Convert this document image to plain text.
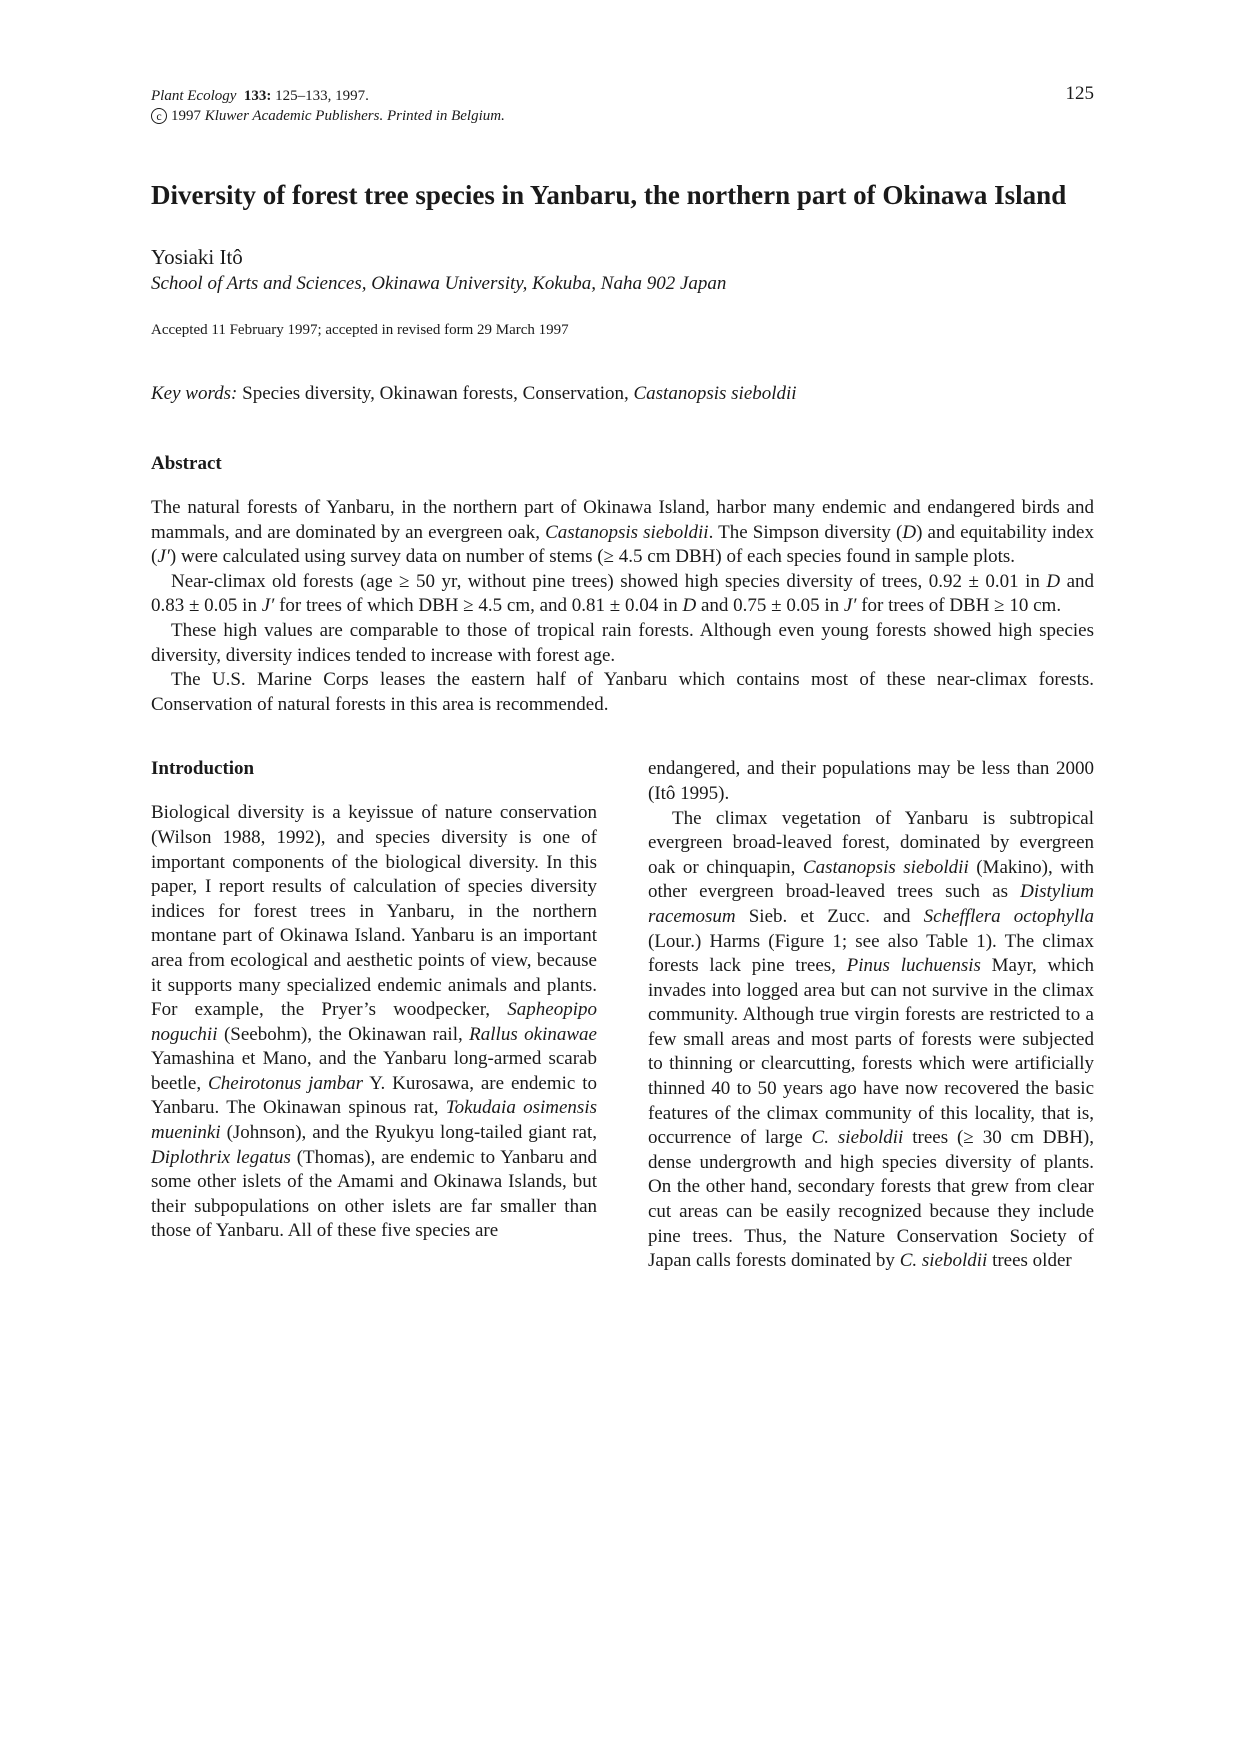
Plant Ecology 133: 125–133, 1997.
c 1997 Kluwer Academic Publishers. Printed in Belgium.
125
Diversity of forest tree species in Yanbaru, the northern part of Okinawa Island
Yosiaki Itô
School of Arts and Sciences, Okinawa University, Kokuba, Naha 902 Japan
Accepted 11 February 1997; accepted in revised form 29 March 1997
Key words: Species diversity, Okinawan forests, Conservation, Castanopsis sieboldii
Abstract

The natural forests of Yanbaru, in the northern part of Okinawa Island, harbor many endemic and endangered birds and mammals, and are dominated by an evergreen oak, Castanopsis sieboldii. The Simpson diversity (D) and equitability index (J′) were calculated using survey data on number of stems (≥ 4.5 cm DBH) of each species found in sample plots.

Near-climax old forests (age ≥ 50 yr, without pine trees) showed high species diversity of trees, 0.92 ± 0.01 in D and 0.83 ± 0.05 in J′ for trees of which DBH ≥ 4.5 cm, and 0.81 ± 0.04 in D and 0.75 ± 0.05 in J′ for trees of DBH ≥ 10 cm.

These high values are comparable to those of tropical rain forests. Although even young forests showed high species diversity, diversity indices tended to increase with forest age.

The U.S. Marine Corps leases the eastern half of Yanbaru which contains most of these near-climax forests. Conservation of natural forests in this area is recommended.

Introduction

Biological diversity is a keyissue of nature conservation (Wilson 1988, 1992), and species diversity is one of important components of the biological diversity. In this paper, I report results of calculation of species diversity indices for forest trees in Yanbaru, in the northern montane part of Okinawa Island. Yanbaru is an important area from ecological and aesthetic points of view, because it supports many specialized endemic animals and plants. For example, the Pryer’s woodpecker, Sapheopipo noguchii (Seebohm), the Okinawan rail, Rallus okinawae Yamashina et Mano, and the Yanbaru long-armed scarab beetle, Cheirotonus jambar Y. Kurosawa, are endemic to Yanbaru. The Okinawan spinous rat, Tokudaia osimensis mueninki (Johnson), and the Ryukyu long-tailed giant rat, Diplothrix legatus (Thomas), are endemic to Yanbaru and some other islets of the Amami and Okinawa Islands, but their subpopulations on other islets are far smaller than those of Yanbaru. All of these five species are

endangered, and their populations may be less than 2000 (Itô 1995).

The climax vegetation of Yanbaru is subtropical evergreen broad-leaved forest, dominated by evergreen oak or chinquapin, Castanopsis sieboldii (Makino), with other evergreen broad-leaved trees such as Distylium racemosum Sieb. et Zucc. and Schefflera octophylla (Lour.) Harms (Figure 1; see also Table 1). The climax forests lack pine trees, Pinus luchuensis Mayr, which invades into logged area but can not survive in the climax community. Although true virgin forests are restricted to a few small areas and most parts of forests were subjected to thinning or clearcutting, forests which were artificially thinned 40 to 50 years ago have now recovered the basic features of the climax community of this locality, that is, occurrence of large C. sieboldii trees (≥ 30 cm DBH), dense undergrowth and high species diversity of plants. On the other hand, secondary forests that grew from clear cut areas can be easily recognized because they include pine trees. Thus, the Nature Conservation Society of Japan calls forests dominated by C. sieboldii trees older
